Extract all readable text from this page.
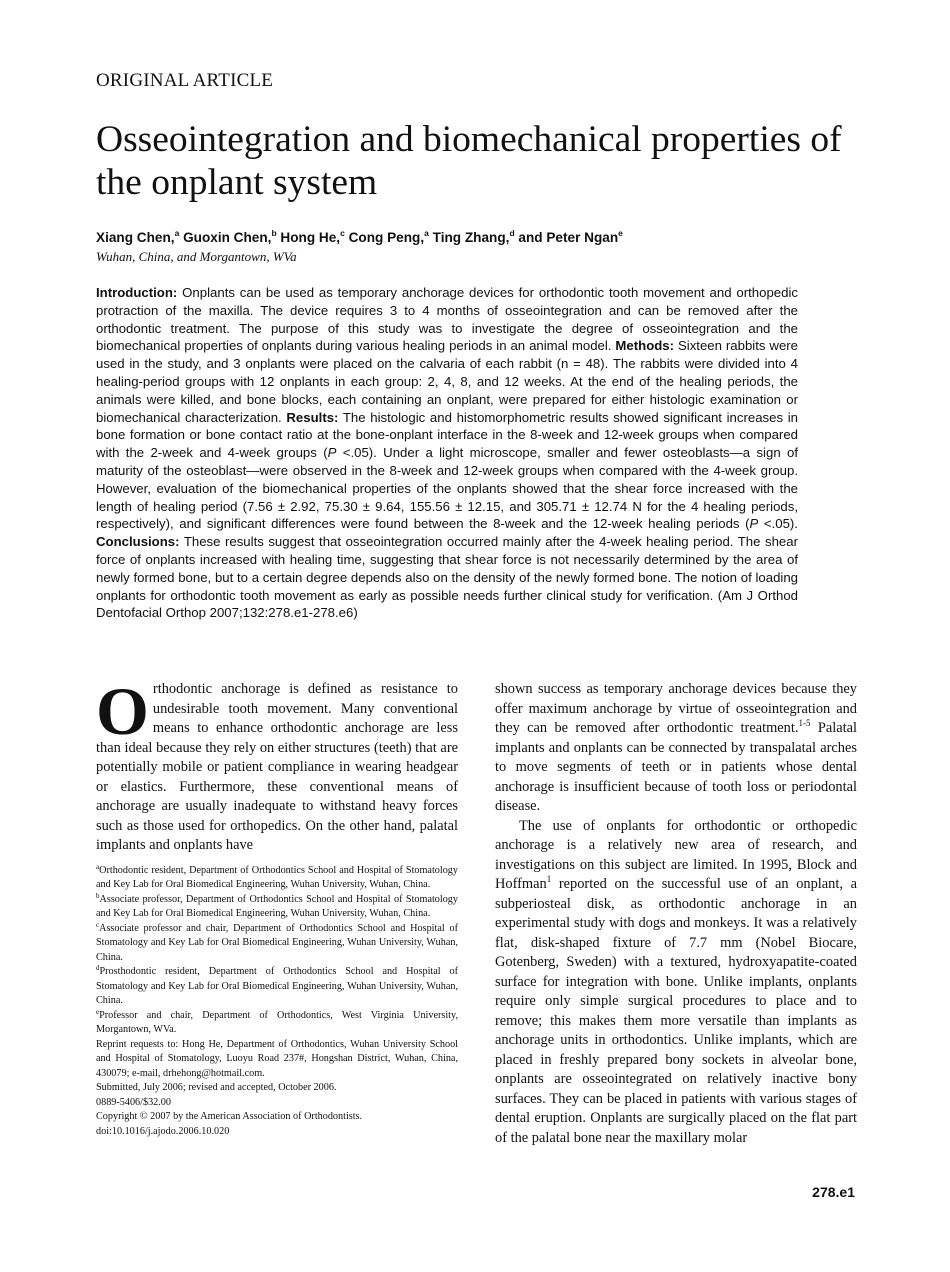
ORIGINAL ARTICLE
Osseointegration and biomechanical properties of the onplant system
Xiang Chen,$^a$ Guoxin Chen,$^b$ Hong He,$^c$ Cong Peng,$^a$ Ting Zhang,$^d$ and Peter Ngan$^e$
Wuhan, China, and Morgantown, WVa

Introduction: Onplants can be used as temporary anchorage devices for orthodontic tooth movement and orthopedic protraction of the maxilla. The device requires 3 to 4 months of osseointegration and can be removed after the orthodontic treatment. The purpose of this study was to investigate the degree of osseointegration and the biomechanical properties of onplants during various healing periods in an animal model. Methods: Sixteen rabbits were used in the study, and 3 onplants were placed on the calvaria of each rabbit (n = 48). The rabbits were divided into 4 healing-period groups with 12 onplants in each group: 2, 4, 8, and 12 weeks. At the end of the healing periods, the animals were killed, and bone blocks, each containing an onplant, were prepared for either histologic examination or biomechanical characterization. Results: The histologic and histomorphometric results showed significant increases in bone formation or bone contact ratio at the bone-onplant interface in the 8-week and 12-week groups when compared with the 2-week and 4-week groups (P <.05). Under a light microscope, smaller and fewer osteoblasts—a sign of maturity of the osteoblast—were observed in the 8-week and 12-week groups when compared with the 4-week group. However, evaluation of the biomechanical properties of the onplants showed that the shear force increased with the length of healing period (7.56 ± 2.92, 75.30 ± 9.64, 155.56 ± 12.15, and 305.71 ± 12.74 N for the 4 healing periods, respectively), and significant differences were found between the 8-week and the 12-week healing periods (P <.05). Conclusions: These results suggest that osseointegration occurred mainly after the 4-week healing period. The shear force of onplants increased with healing time, suggesting that shear force is not necessarily determined by the area of newly formed bone, but to a certain degree depends also on the density of the newly formed bone. The notion of loading onplants for orthodontic tooth movement as early as possible needs further clinical study for verification. (Am J Orthod Dentofacial Orthop 2007;132:278.e1-278.e6)

Orthodontic anchorage is defined as resistance to undesirable tooth movement. Many conventional means to enhance orthodontic anchorage are less than ideal because they rely on either structures (teeth) that are potentially mobile or patient compliance in wearing headgear or elastics. Furthermore, these conventional means of anchorage are usually inadequate to withstand heavy forces such as those used for orthopedics. On the other hand, palatal implants and onplants have

$^a$Orthodontic resident, Department of Orthodontics School and Hospital of Stomatology and Key Lab for Oral Biomedical Engineering, Wuhan University, Wuhan, China.
$^b$Associate professor, Department of Orthodontics School and Hospital of Stomatology and Key Lab for Oral Biomedical Engineering, Wuhan University, Wuhan, China.
$^c$Associate professor and chair, Department of Orthodontics School and Hospital of Stomatology and Key Lab for Oral Biomedical Engineering, Wuhan University, Wuhan, China.
$^d$Prosthodontic resident, Department of Orthodontics School and Hospital of Stomatology and Key Lab for Oral Biomedical Engineering, Wuhan University, Wuhan, China.
$^e$Professor and chair, Department of Orthodontics, West Virginia University, Morgantown, WVa.
Reprint requests to: Hong He, Department of Orthodontics, Wuhan University School and Hospital of Stomatology, Luoyu Road 237#, Hongshan District, Wuhan, China, 430079; e-mail, drhehong@hotmail.com.
Submitted, July 2006; revised and accepted, October 2006.
0889-5406/$32.00
Copyright © 2007 by the American Association of Orthodontists.
doi:10.1016/j.ajodo.2006.10.020

shown success as temporary anchorage devices because they offer maximum anchorage by virtue of osseointegration and they can be removed after orthodontic treatment.$^{1-5}$ Palatal implants and onplants can be connected by transpalatal arches to move segments of teeth or in patients whose dental anchorage is insufficient because of tooth loss or periodontal disease.

The use of onplants for orthodontic or orthopedic anchorage is a relatively new area of research, and investigations on this subject are limited. In 1995, Block and Hoffman$^1$ reported on the successful use of an onplant, a subperiosteal disk, as orthodontic anchorage in an experimental study with dogs and monkeys. It was a relatively flat, disk-shaped fixture of 7.7 mm (Nobel Biocare, Gotenberg, Sweden) with a textured, hydroxyapatite-coated surface for integration with bone. Unlike implants, onplants require only simple surgical procedures to place and to remove; this makes them more versatile than implants as anchorage units in orthodontics. Unlike implants, which are placed in freshly prepared bony sockets in alveolar bone, onplants are osseointegrated on relatively inactive bony surfaces. They can be placed in patients with various stages of dental eruption. Onplants are surgically placed on the flat part of the palatal bone near the maxillary molar

278.e1
